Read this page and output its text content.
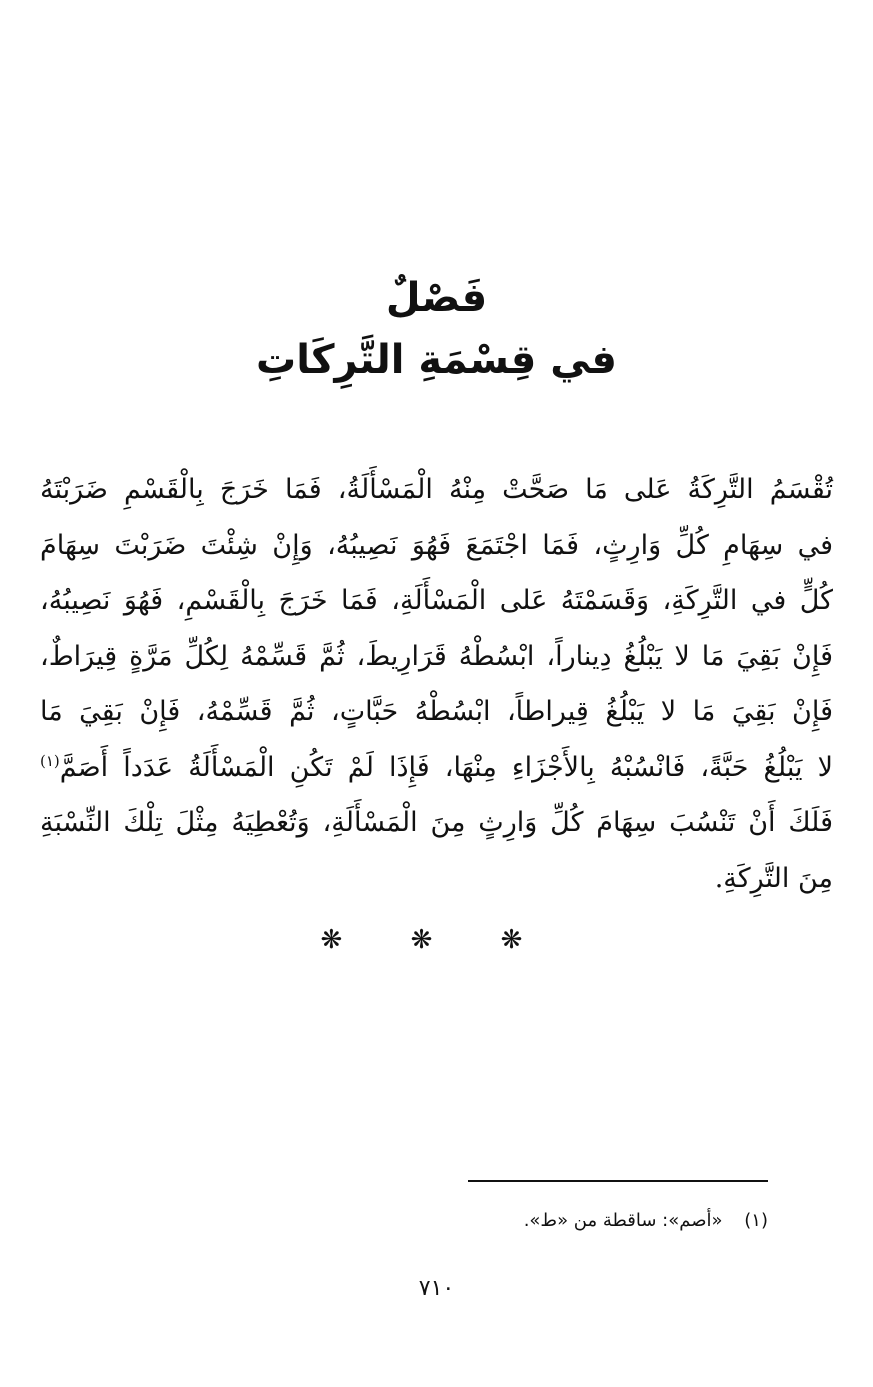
فَصْلٌ

في قِسْمَةِ التَّرِكَاتِ

تُقْسَمُ التَّرِكَةُ عَلى مَا صَحَّتْ مِنْهُ الْمَسْأَلَةُ، فَمَا خَرَجَ بِالْقَسْمِ ضَرَبْتَهُ
في سِهَامِ كُلِّ وَارِثٍ، فَمَا اجْتَمَعَ فَهُوَ نَصِيبُهُ، وَإِنْ شِئْتَ ضَرَبْتَ سِهَامَ
كُلٍّ في التَّرِكَةِ، وَقَسَمْتَهُ عَلى الْمَسْأَلَةِ، فَمَا خَرَجَ بِالْقَسْمِ، فَهُوَ نَصِيبُهُ،
فَإِنْ بَقِيَ مَا لا يَبْلُغُ دِيناراً، ابْسُطْهُ قَرَارِيطَ، ثُمَّ قَسِّمْهُ لِكُلِّ مَرَّةٍ قِيرَاطٌ،
فَإِنْ بَقِيَ مَا لا يَبْلُغُ قِيراطاً، ابْسُطْهُ حَبَّاتٍ، ثُمَّ قَسِّمْهُ، فَإِنْ بَقِيَ مَا
لا يَبْلُغُ حَبَّةً، فَانْسُبْهُ بِالأَجْزَاءِ مِنْهَا، فَإِذَا لَمْ تَكُنِ الْمَسْأَلَةُ عَدَداً أَصَمَّ$^{(١)}$
فَلَكَ أَنْ تَنْسُبَ سِهَامَ كُلِّ وَارِثٍ مِنَ الْمَسْأَلَةِ، وَتُعْطِيَهُ مِثْلَ تِلْكَ النِّسْبَةِ
مِنَ التَّرِكَةِ.
❋ ❋ ❋
(١) «أصم»: ساقطة من «ط».
٧١٠
